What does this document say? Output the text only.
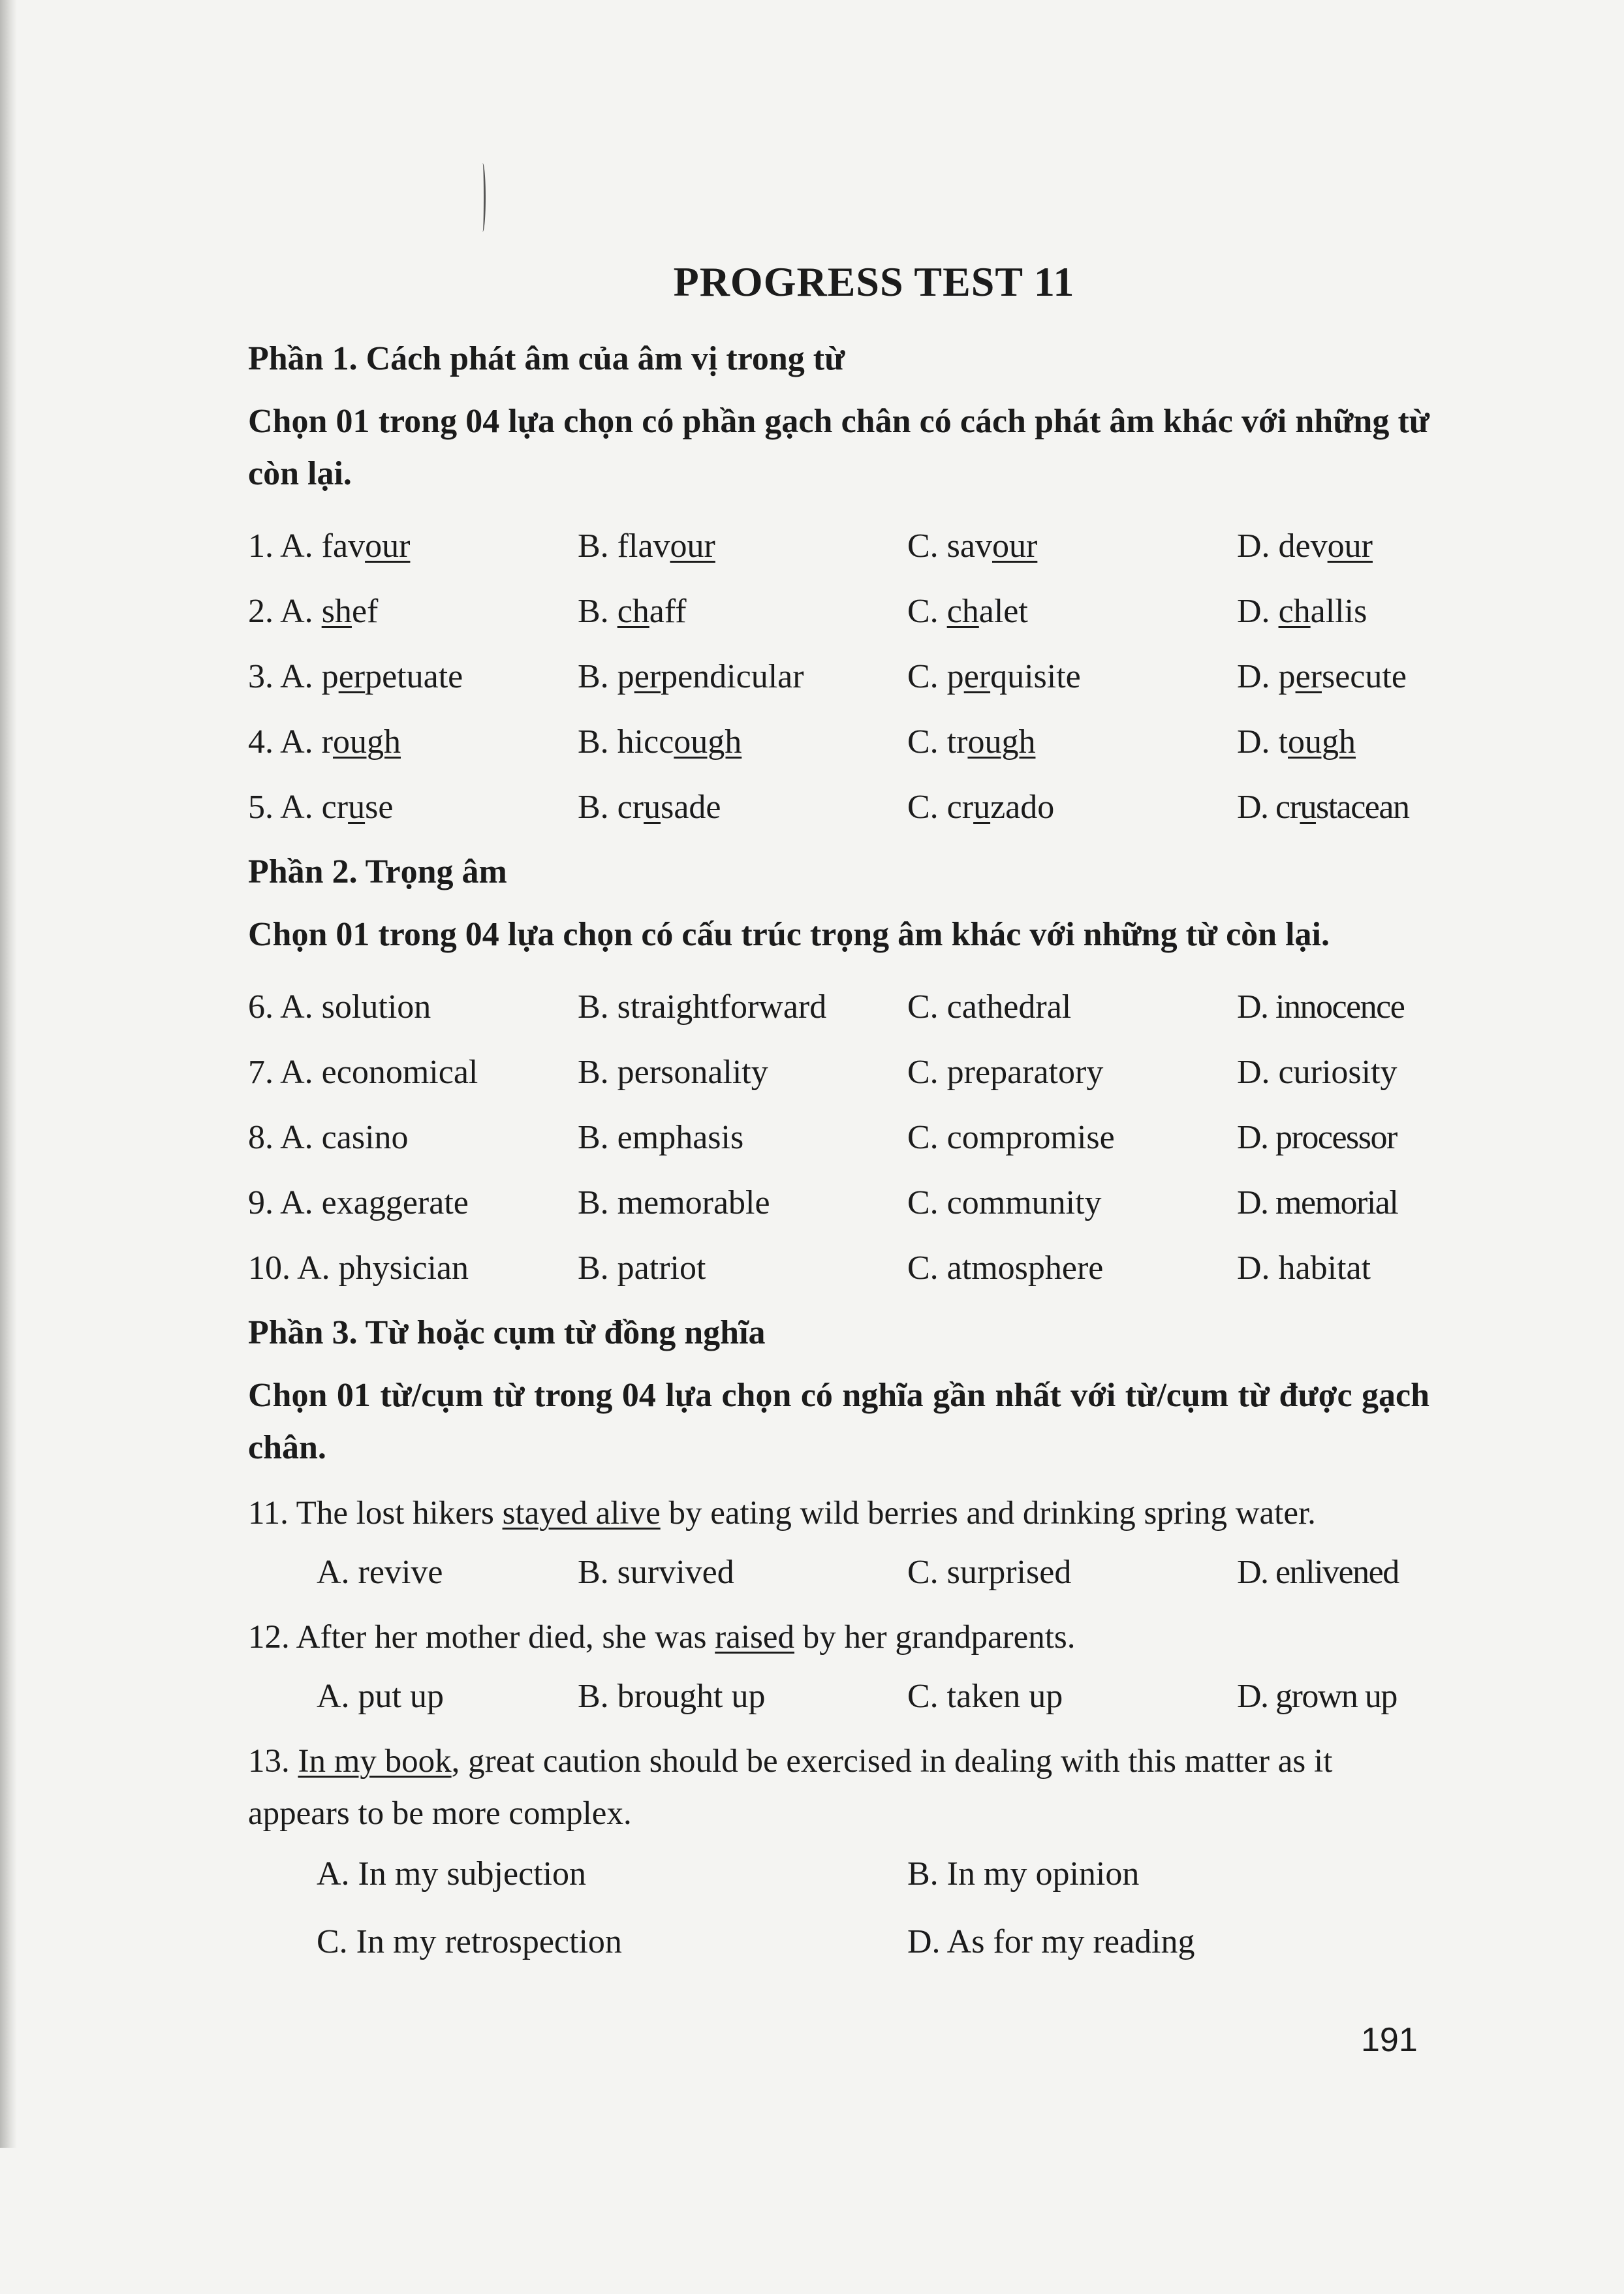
PROGRESS TEST 11
Phần 1. Cách phát âm của âm vị trong từ
Chọn 01 trong 04 lựa chọn có phần gạch chân có cách phát âm khác với những từ còn lại.
1. A. favour	B. flavour	C. savour	D. devour
2. A. shef	B. chaff	C. chalet	D. challis
3. A. perpetuate	B. perpendicular	C. perquisite	D. persecute
4. A. rough	B. hiccough	C. trough	D. tough
5. A. cruse	B. crusade	C. cruzado	D. crustacean
Phần 2. Trọng âm
Chọn 01 trong 04 lựa chọn có cấu trúc trọng âm khác với những từ còn lại.
6. A. solution	B. straightforward	C. cathedral	D. innocence
7. A. economical	B. personality	C. preparatory	D. curiosity
8. A. casino	B. emphasis	C. compromise	D. processor
9. A. exaggerate	B. memorable	C. community	D. memorial
10. A. physician	B. patriot	C. atmosphere	D. habitat
Phần 3. Từ hoặc cụm từ đồng nghĩa
Chọn 01 từ/cụm từ trong 04 lựa chọn có nghĩa gần nhất với từ/cụm từ được gạch chân.
11. The lost hikers stayed alive by eating wild berries and drinking spring water.
A. revive	B. survived	C. surprised	D. enlivened
12. After her mother died, she was raised by her grandparents.
A. put up	B. brought up	C. taken up	D. grown up
13. In my book, great caution should be exercised in dealing with this matter as it appears to be more complex.
A. In my subjection	B. In my opinion
C. In my retrospection	D. As for my reading
191
